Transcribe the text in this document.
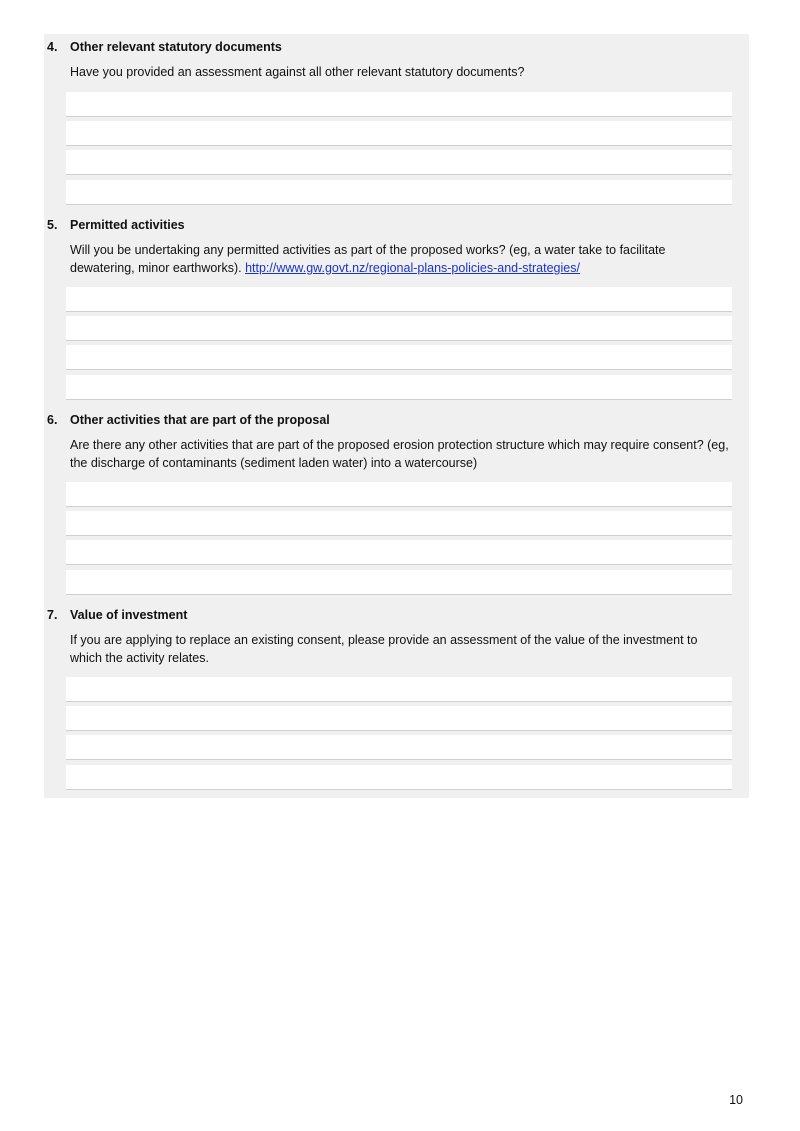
4. Other relevant statutory documents
Have you provided an assessment against all other relevant statutory documents?
5. Permitted activities
Will you be undertaking any permitted activities as part of the proposed works? (eg, a water take to facilitate dewatering, minor earthworks). http://www.gw.govt.nz/regional-plans-policies-and-strategies/
6. Other activities that are part of the proposal
Are there any other activities that are part of the proposed erosion protection structure which may require consent? (eg, the discharge of contaminants (sediment laden water) into a watercourse)
7. Value of investment
If you are applying to replace an existing consent, please provide an assessment of the value of the investment to which the activity relates.
10
